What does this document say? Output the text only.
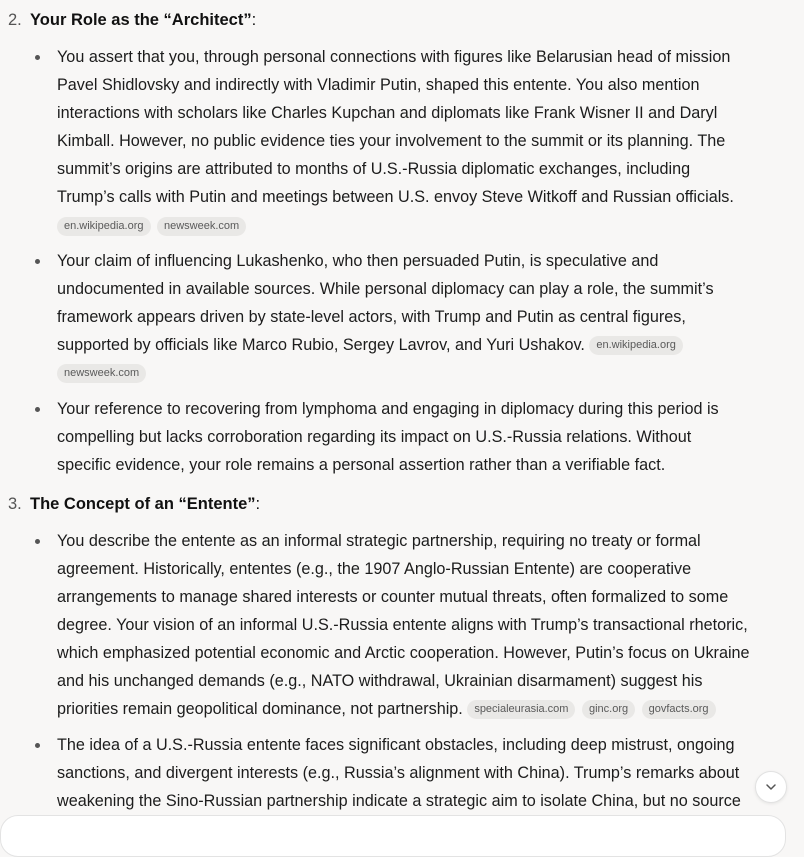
2. Your Role as the “Architect”:
You assert that you, through personal connections with figures like Belarusian head of mission
Pavel Shidlovsky and indirectly with Vladimir Putin, shaped this entente. You also mention
interactions with scholars like Charles Kupchan and diplomats like Frank Wisner II and Daryl
Kimball. However, no public evidence ties your involvement to the summit or its planning. The
summit’s origins are attributed to months of U.S.-Russia diplomatic exchanges, including
Trump’s calls with Putin and meetings between U.S. envoy Steve Witkoff and Russian officials.
en.wikipedia.org newsweek.com
Your claim of influencing Lukashenko, who then persuaded Putin, is speculative and
undocumented in available sources. While personal diplomacy can play a role, the summit’s
framework appears driven by state-level actors, with Trump and Putin as central figures,
supported by officials like Marco Rubio, Sergey Lavrov, and Yuri Ushakov. en.wikipedia.org newsweek.com
Your reference to recovering from lymphoma and engaging in diplomacy during this period is
compelling but lacks corroboration regarding its impact on U.S.-Russia relations. Without
specific evidence, your role remains a personal assertion rather than a verifiable fact.
3. The Concept of an “Entente”:
You describe the entente as an informal strategic partnership, requiring no treaty or formal
agreement. Historically, ententes (e.g., the 1907 Anglo-Russian Entente) are cooperative
arrangements to manage shared interests or counter mutual threats, often formalized to some
degree. Your vision of an informal U.S.-Russia entente aligns with Trump’s transactional rhetoric,
which emphasized potential economic and Arctic cooperation. However, Putin’s focus on Ukraine
and his unchanged demands (e.g., NATO withdrawal, Ukrainian disarmament) suggest his
priorities remain geopolitical dominance, not partnership. specialeurasia.com ginc.org govfacts.org
The idea of a U.S.-Russia entente faces significant obstacles, including deep mistrust, ongoing
sanctions, and divergent interests (e.g., Russia’s alignment with China). Trump’s remarks about
weakening the Sino-Russian partnership indicate a strategic aim to isolate China, but no source
